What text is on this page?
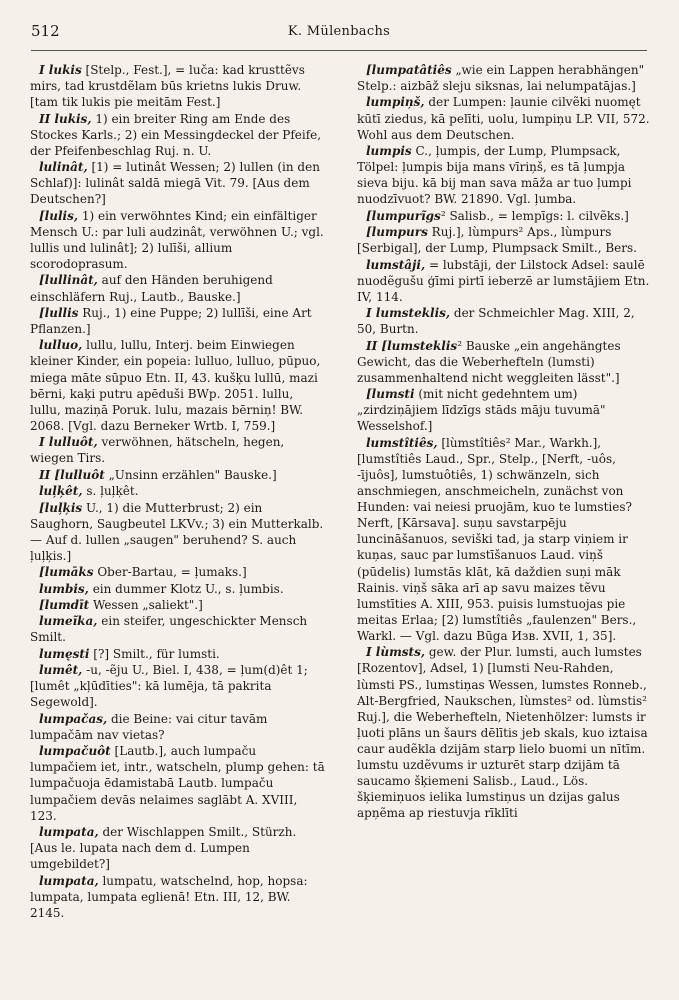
512	K. Mülenbachs

I lukis [Stelp., Fest.], = luča: kad krusttẽvs mirs, tad krustdẽlam būs krietns lukis Druw. [tam tik lukis pie meitām Fest.]

II lukis, 1) ein breiter Ring am Ende des Stockes Karls.; 2) ein Messingdeckel der Pfeife, der Pfeifenbeschlag Ruj. n. U.

lulinât, [1) = lutinât Wessen; 2) lullen (in den Schlaf)]: lulinât saldā miegā Vit. 79. [Aus dem Deutschen?]

[lulis, 1) ein verwöhntes Kind; ein einfältiger Mensch U.: par luli audzinât, verwöhnen U.; vgl. lullis und lulinât]; 2) lulīši, allium scorodoprasum.

[lullinât, auf den Händen beruhigend einschläfern Ruj., Lautb., Bauske.]

[lullis Ruj., 1) eine Puppe; 2) lullīši, eine Art Pflanzen.]

lulluo, lullu, lullu, Interj. beim Einwiegen kleiner Kinder, ein popeia: lulluo, lulluo, pūpuo, miega māte sūpuo Etn. II, 43. kušķu lullū, mazi bērni, kaķi putru apēduši BWp. 2051. lullu, lullu, maziņā Poruk. lulu, mazais bērniņ! BW. 2068. [Vgl. dazu Berneker Wrtb. I, 759.]

I lulluôt, verwöhnen, hätscheln, hegen, wiegen Tirs.

II [lulluôt „Unsinn erzählen" Bauske.]

luļķêt, s. ļuļķêt.

[luļķis U., 1) die Mutterbrust; 2) ein Saughorn, Saugbeutel LKVv.; 3) ein Mutterkalb. — Auf d. lullen „saugen" beruhend? S. auch ļuļķis.]

[lumāks Ober-Bartau, = ļumaks.]

lumbis, ein dummer Klotz U., s. ļumbis.

[lumdīt Wessen „saliekt".]

lumeĩka, ein steifer, ungeschickter Mensch Smilt.

lumęsti [?] Smilt., für lumsti.

lumêt, -u, -ẽju U., Biel. I, 438, = ļum(d)êt 1; [lumêt „kļūdīties": kā lumēja, tā pakrita Segewold].

lumpačas, die Beine: vai citur tavām lumpačām nav vietas?

lumpačuôt [Lautb.], auch lumpaču lumpačiem iet, intr., watscheln, plump gehen: tā lumpačuoja ēdamistabā Lautb. lumpaču lumpačiem devās nelaimes saglābt A. XVIII, 123.

lumpata, der Wischlappen Smilt., Stürzh. [Aus le. lupata nach dem d. Lumpen umgebildet?]

lumpata, lumpatu, watschelnd, hop, hopsa: lumpata, lumpata eglienā! Etn. III, 12, BW. 2145.

[lumpatâtiês „wie ein Lappen herabhängen" Stelp.: aizbāž sleju siksnas, lai nelumpatājas.]

lumpiņš, der Lumpen: ļaunie cilvẽki nuomęt kūtī ziedus, kā pelīti, uolu, lumpiņu LP. VII, 572. Wohl aus dem Deutschen.

lumpis C., ļumpis, der Lump, Plumpsack, Tölpel: ļumpis bija mans vīriņš, es tā ļumpja sieva biju. kā bij man sava māža ar tuo ļumpi nuodzīvuot? BW. 21890. Vgl. ļumba.

[lumpurĩgs² Salisb., = lempīgs: l. cilvẽks.]

[lumpurs Ruj.], lùmpurs² Aps., lùmpurs [Serbigal], der Lump, Plumpsack Smilt., Bers.

lumstâji, = lubstāji, der Lilstock Adsel: saulē nuodẽgušu ģīmi pirtī ieberzē ar lumstājiem Etn. IV, 114.

I lumsteklis, der Schmeichler Mag. XIII, 2, 50, Burtn.

II [lumsteklis² Bauske „ein angehängtes Gewicht, das die Weberhefteln (lumsti) zusammenhaltend nicht weggleiten lässt".]

[lumsti (mit nicht gedehntem um) „zirdziņājiem līdzīgs stāds māju tuvumā" Wesselshof.]

lumstîtiês, [lùmstîtiês² Mar., Warkh.], [lumstîtiês Laud., Spr., Stelp., [Nerft, -uôs, -ījuôs], lumstuôtiês, 1) schwänzeln, sich anschmiegen, anschmeicheln, zunächst von Hunden: vai neiesi pruojām, kuo te lumsties? Nerft, [Kārsava]. suņu savstarpēju luncināšanuos, seviški tad, ja starp viņiem ir kuņas, sauc par lumstīšanuos Laud. viņš (pūdelis) lumstās klāt, kā daždien suņi māk Rainis. viņš sāka arī ap savu maizes tẽvu lumstīties A. XIII, 953. puisis lumstuojas pie meitas Erlaa; [2) lumstîtiês „faulenzen" Bers., Warkl. — Vgl. dazu Būga Изв. XVII, 1, 35].

I lùmsts, gew. der Plur. lumsti, auch lumstes [Rozentov], Adsel, 1) [lumsti Neu-Rahden, lùmsti PS., lumstiņas Wessen, lumstes Ronneb., Alt-Bergfried, Naukschen, lùmstes² od. lùmstis² Ruj.], die Weberhefteln, Nietenhölzer: lumsts ir ļuoti plāns un šaurs dēlītis jeb skals, kuo iztaisa caur audẽkla dzijām starp lielo buomi un nītīm. lumstu uzdẽvums ir uzturēt starp dzijām tā saucamo šķiemeni Salisb., Laud., Lös. šķiemiņuos ielika lumstiņus un dzijas galus apņẽma ap riestuvja rīklīti
